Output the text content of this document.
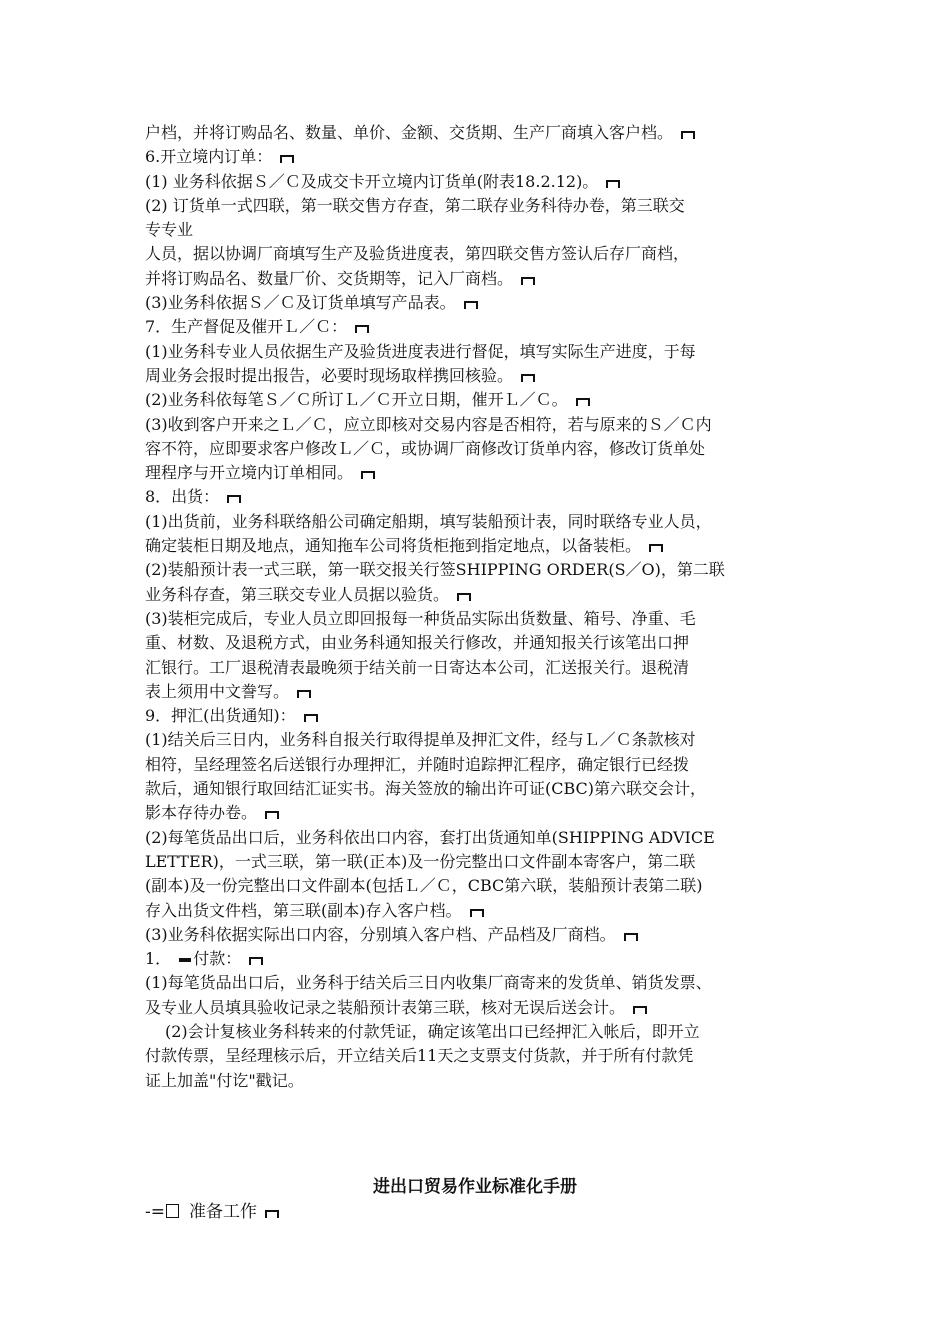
户档，并将订购品名、数量、单价、金额、交货期、生产厂商填入客户档。
6.开立境内订单：
(1) 业务科依据Ｓ／Ｃ及成交卡开立境内订货单(附表18.2.12)。
(2) 订货单一式四联，第一联交售方存查，第二联存业务科待办卷，第三联交
专专业
人员，据以协调厂商填写生产及验货进度表，第四联交售方签认后存厂商档，
并将订购品名、数量厂价、交货期等，记入厂商档。
(3)业务科依据Ｓ／Ｃ及订货单填写产品表。
7．生产督促及催开Ｌ／Ｃ：
(1)业务科专业人员依据生产及验货进度表进行督促，填写实际生产进度，于每
周业务会报时提出报告，必要时现场取样携回核验。
(2)业务科依每笔Ｓ／Ｃ所订Ｌ／Ｃ开立日期，催开Ｌ／Ｃ。
(3)收到客户开来之Ｌ／Ｃ，应立即核对交易内容是否相符，若与原来的Ｓ／Ｃ内
容不符，应即要求客户修改Ｌ／Ｃ，或协调厂商修改订货单内容，修改订货单处
理程序与开立境内订单相同。
8．出货：
(1)出货前，业务科联络船公司确定船期，填写装船预计表，同时联络专业人员，
确定装柜日期及地点，通知拖车公司将货柜拖到指定地点，以备装柜。
(2)装船预计表一式三联，第一联交报关行签SHIPPING ORDER(S／O)，第二联
业务科存查，第三联交专业人员据以验货。
(3)装柜完成后，专业人员立即回报每一种货品实际出货数量、箱号、净重、毛
重、材数、及退税方式，由业务科通知报关行修改，并通知报关行该笔出口押
汇银行。工厂退税清表最晚须于结关前一日寄达本公司，汇送报关行。退税清
表上须用中文誊写。
9．押汇(出货通知)：
(1)结关后三日内，业务科自报关行取得提单及押汇文件，经与Ｌ／Ｃ条款核对
相符，呈经理签名后送银行办理押汇，并随时追踪押汇程序，确定银行已经拨
款后，通知银行取回结汇证实书。海关签放的输出许可证(CBC)第六联交会计，
影本存待办卷。
(2)每笔货品出口后，业务科依出口内容，套打出货通知单(SHIPPING ADVICE
LETTER)，一式三联，第一联(正本)及一份完整出口文件副本寄客户，第二联
(副本)及一份完整出口文件副本(包括Ｌ／Ｃ，CBC第六联，装船预计表第二联)
存入出货文件档，第三联(副本)存入客户档。
(3)业务科依据实际出口内容，分别填入客户档、产品档及厂商档。
1． 付款：
(1)每笔货品出口后，业务科于结关后三日内收集厂商寄来的发货单、销货发票、
及专业人员填具验收记录之装船预计表第三联，核对无误后送会计。
(2)会计复核业务科转来的付款凭证，确定该笔出口已经押汇入帐后，即开立
付款传票，呈经理核示后，开立结关后11天之支票支付货款，并于所有付款凭
证上加盖"付讫"戳记。
进出口贸易作业标准化手册
-= 准备工作
